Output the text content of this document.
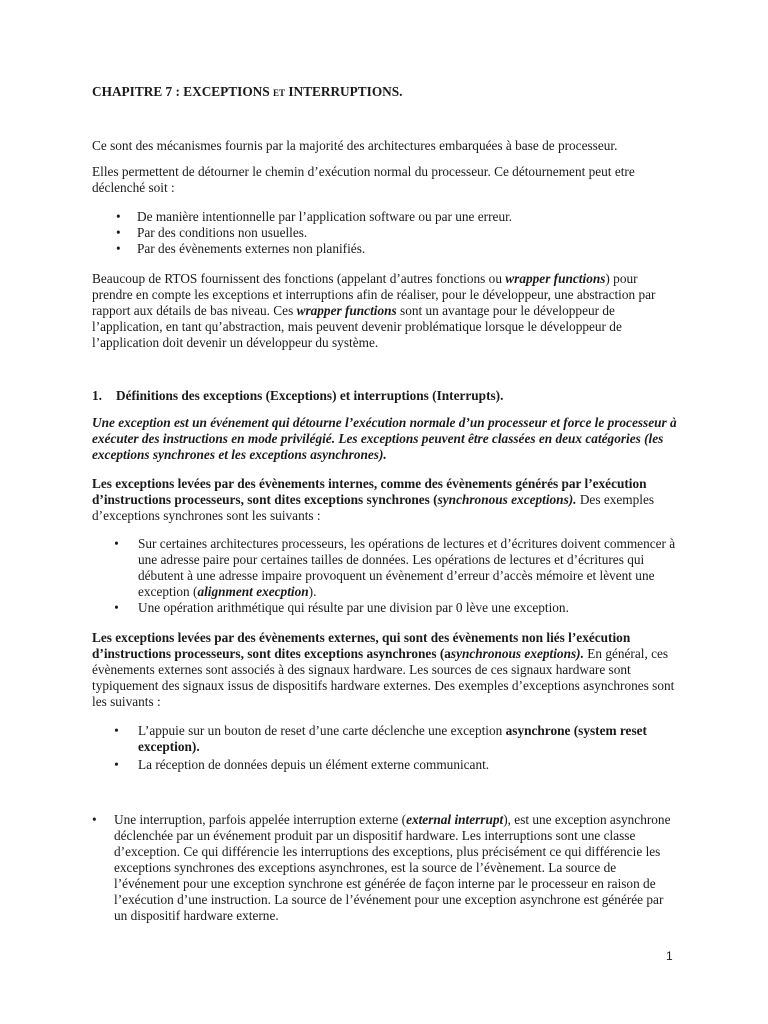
CHAPITRE 7 : EXCEPTIONS et INTERRUPTIONS.

Ce sont des mécanismes fournis par la majorité des architectures embarquées à base de processeur.

Elles permettent de détourner le chemin d’exécution normal du processeur. Ce détournement peut etre déclenché soit :

• De manière intentionnelle par l’application software ou par une erreur.
• Par des conditions non usuelles.
• Par des évènements externes non planifiés.

Beaucoup de RTOS fournissent des fonctions (appelant d’autres fonctions ou wrapper functions) pour prendre en compte les exceptions et interruptions afin de réaliser, pour le développeur, une abstraction par rapport aux détails de bas niveau. Ces wrapper functions sont un avantage pour le développeur de l’application, en tant qu’abstraction, mais peuvent devenir problématique lorsque le développeur de l’application doit devenir un développeur du système.

1. Définitions des exceptions (Exceptions) et interruptions (Interrupts).

Une exception est un événement qui détourne l’exécution normale d’un processeur et force le processeur à exécuter des instructions en mode privilégié. Les exceptions peuvent être classées en deux catégories (les exceptions synchrones et les exceptions asynchrones).

Les exceptions levées par des évènements internes, comme des évènements générés par l’exécution d’instructions processeurs, sont dites exceptions synchrones (synchronous exceptions). Des exemples d’exceptions synchrones sont les suivants :

• Sur certaines architectures processeurs, les opérations de lectures et d’écritures doivent commencer à une adresse paire pour certaines tailles de données. Les opérations de lectures et d’écritures qui débutent à une adresse impaire provoquent un évènement d’erreur d’accès mémoire et lèvent une exception (alignment execption).
• Une opération arithmétique qui résulte par une division par 0 lève une exception.

Les exceptions levées par des évènements externes, qui sont des évènements non liés l’exécution d’instructions processeurs, sont dites exceptions asynchrones (asynchronous exeptions). En général, ces évènements externes sont associés à des signaux hardware. Les sources de ces signaux hardware sont typiquement des signaux issus de dispositifs hardware externes. Des exemples d’exceptions asynchrones sont les suivants :

• L’appuie sur un bouton de reset d’une carte déclenche une exception asynchrone (system reset exception).
• La réception de données depuis un élément externe communicant.
• Une interruption, parfois appelée interruption externe (external interrupt), est une exception asynchrone déclenchée par un événement produit par un dispositif hardware. Les interruptions sont une classe d’exception. Ce qui différencie les interruptions des exceptions, plus précisément ce qui différencie les exceptions synchrones des exceptions asynchrones, est la source de l’évènement. La source de l’événement pour une exception synchrone est générée de façon interne par le processeur en raison de l’exécution d’une instruction. La source de l’événement pour une exception asynchrone est générée par un dispositif hardware externe.
1
